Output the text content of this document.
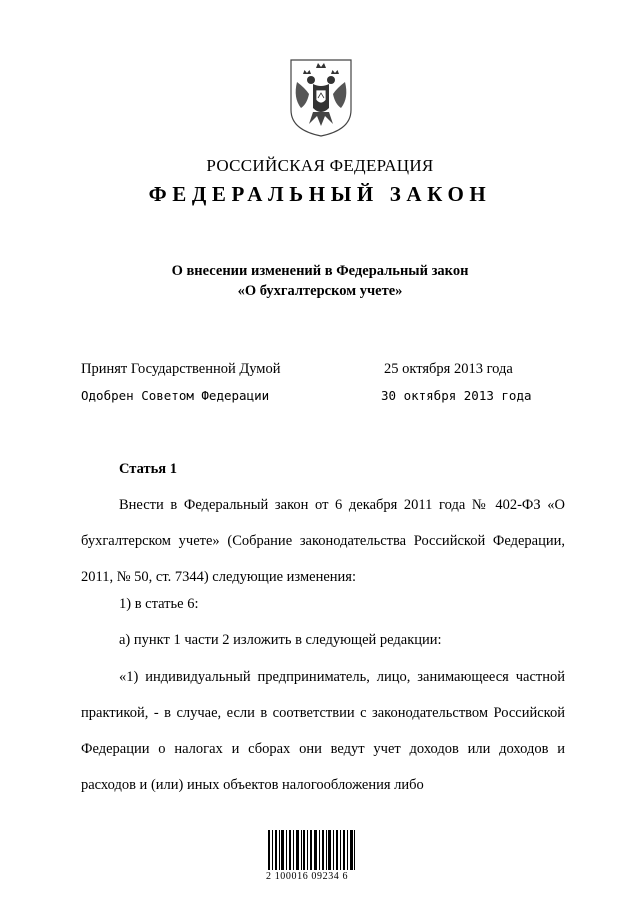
РОССИЙСКАЯ ФЕДЕРАЦИЯ
ФЕДЕРАЛЬНЫЙ ЗАКОН
О внесении изменений в Федеральный закон
«О бухгалтерском учете»
Принят Государственной Думой	25 октября 2013 года
Одобрен Советом Федерации	30 октября 2013 года
Статья 1

Внести в Федеральный закон от 6 декабря 2011 года № 402-ФЗ «О бухгалтерском учете» (Собрание законодательства Российской Федерации, 2011, № 50, ст. 7344) следующие изменения:

1) в статье 6:
а) пункт 1 части 2 изложить в следующей редакции:

«1) индивидуальный предприниматель, лицо, занимающееся частной практикой, - в случае, если в соответствии с законодательством Российской Федерации о налогах и сборах они ведут учет доходов или доходов и расходов и (или) иных объектов налогообложения либо

2 100016 09234 6
